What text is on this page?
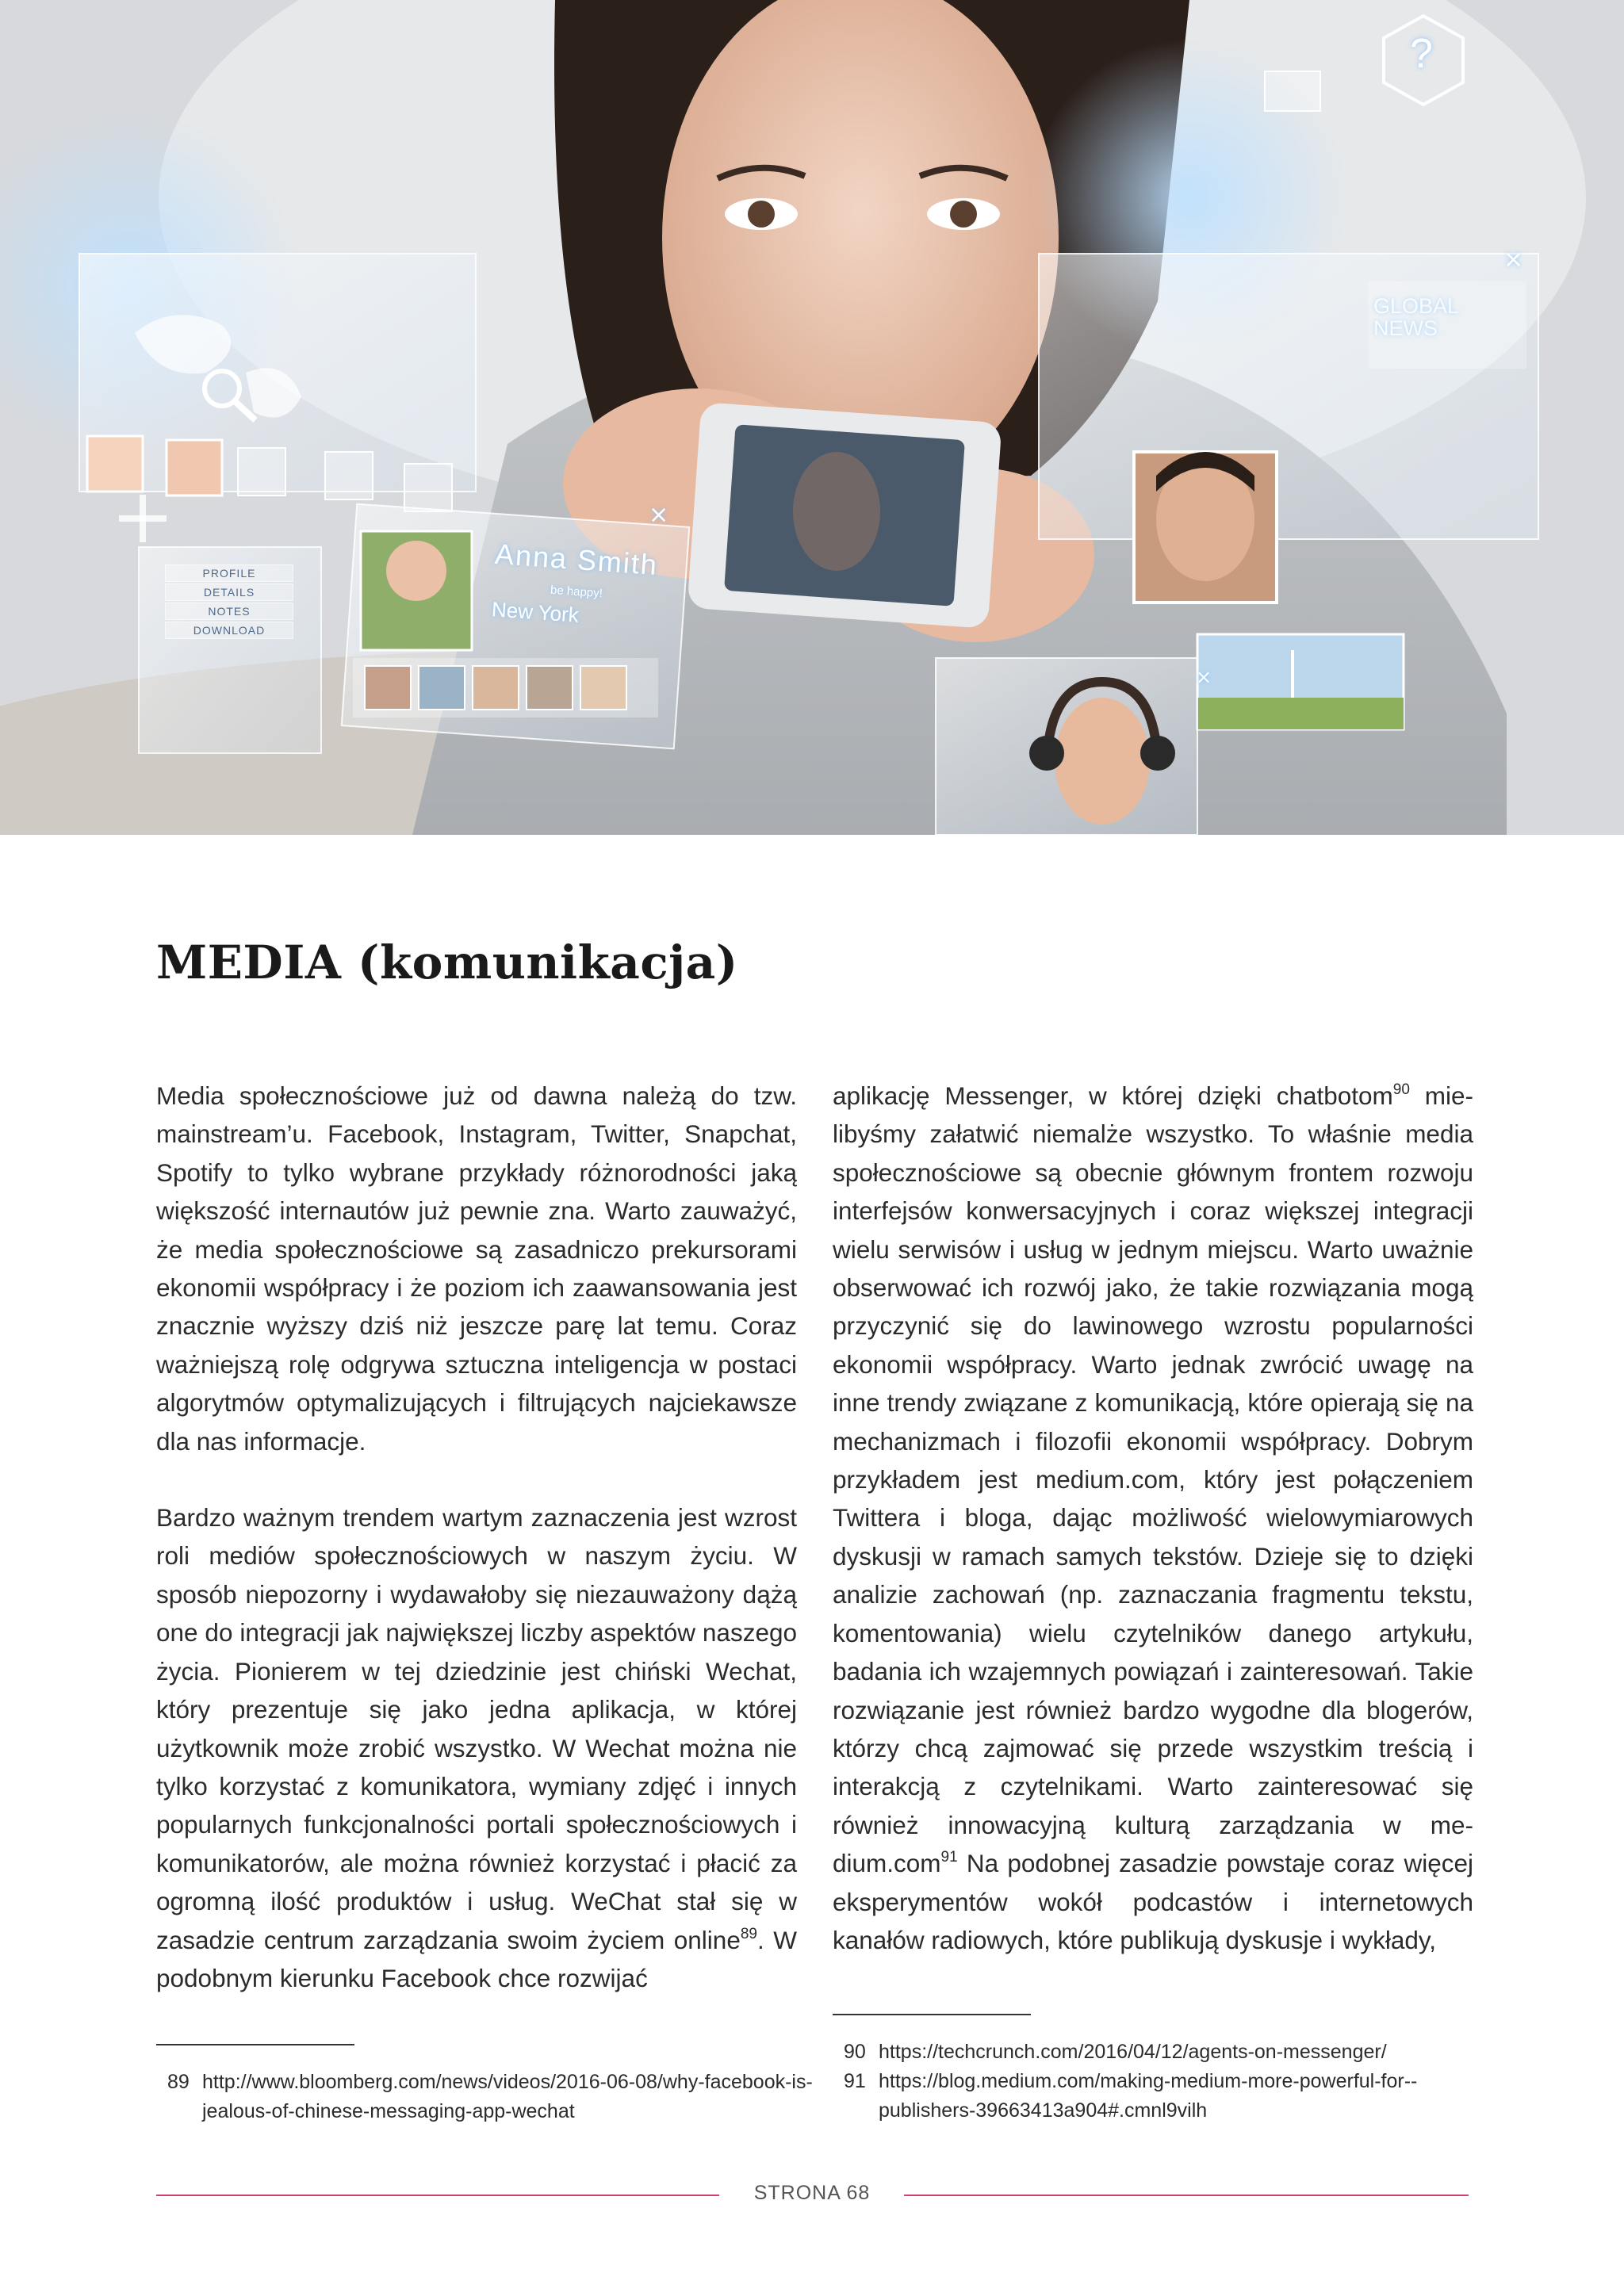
Anna Smith
be happy!
New York
PROFILE
DETAILS
NOTES
DOWNLOAD
GLOBAL NEWS
?
×
×
×
MEDIA (komunikacja)

Media społecznościowe już od dawna należą do tzw. mainstream’u. Facebook, Instagram, Twitter, Snapchat, Spotify to tylko wybrane przykłady różnorodności jaką większość internautów już pewnie zna. Warto zauważyć, że media społecznościowe są zasadniczo prekursorami ekonomii współpracy i że poziom ich zaawansowania jest znacznie wyższy dziś niż jeszcze parę lat temu. Coraz ważniejszą rolę odgrywa sztuczna inteligencja w postaci algorytmów optymalizujących i filtrujących najciekawsze dla nas informacje.

Bardzo ważnym trendem wartym zaznaczenia jest wzrost roli mediów społecznościowych w naszym życiu. W sposób niepozorny i wydawałoby się niezauważony dążą one do integracji jak największej liczby aspektów naszego życia. Pionierem w tej dziedzinie jest chiński Wechat, który prezentuje się jako jedna aplikacja, w której użytkownik może zrobić wszystko. W Wechat można nie tylko korzystać z komunikatora, wymiany zdjęć i innych popularnych funkcjonalności portali społecznościowych i komunikatorów, ale można również korzystać i płacić za ogromną ilość produktów i usług. WeChat stał się w zasadzie centrum zarządzania swoim życiem online$^{89}$. W podobnym kierunku Facebook chce rozwijać

aplikację Messenger, w której dzięki chatbotom$^{90}$ mielibyśmy załatwić niemalże wszystko. To właśnie media społecznościowe są obecnie głównym frontem rozwoju interfejsów konwersacyjnych i coraz większej integracji wielu serwisów i usług w jednym miejscu. Warto uważnie obserwować ich rozwój jako, że takie rozwiązania mogą przyczynić się do lawinowego wzrostu popularności ekonomii współpracy. Warto jednak zwrócić uwagę na inne trendy związane z komunikacją, które opierają się na mechanizmach i filozofii ekonomii współpracy. Dobrym przykładem jest medium.com, który jest połączeniem Twittera i bloga, dając możliwość wielowymiarowych dyskusji w ramach samych tekstów. Dzieje się to dzięki analizie zachowań (np. zaznaczania fragmentu tekstu, komentowania) wielu czytelników danego artykułu, badania ich wzajemnych powiązań i zainteresowań. Takie rozwiązanie jest również bardzo wygodne dla blogerów, którzy chcą zajmować się przede wszystkim treścią i interakcją z czytelnikami. Warto zainteresować się również innowacyjną kulturą zarządzania w medium.com$^{91}$ Na podobnej zasadzie powstaje coraz więcej eksperymentów wokół podcastów i internetowych kanałów radiowych, które publikują dyskusje i wykłady,

89 http://www.bloomberg.com/news/videos/2016-06-08/why-facebook-is-jealous-of-chinese-messaging-app-wechat
90 https://techcrunch.com/2016/04/12/agents-on-messenger/
91 https://blog.medium.com/making-medium-more-powerful-for--publishers-39663413a904#.cmnl9vilh
STRONA 68
